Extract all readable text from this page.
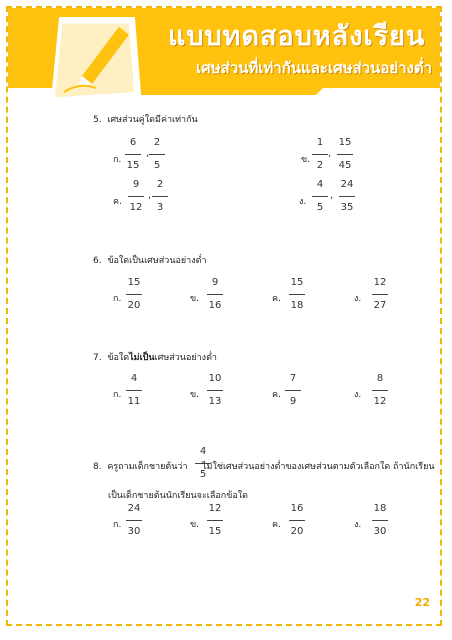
แบบทดสอบหลังเรียน
เศษส่วนที่เท่ากันและเศษส่วนอย่างต่ำ
5. เศษส่วนคู่ใดมีค่าเท่ากัน
ก.
6
15
,
2
5	ข.
1
2
,
15
45
ค.
9
12
,
2
3	ง.
4
5
,
24
35
6. ข้อใดเป็นเศษส่วนอย่างต่ำ
ก.
15
20
ข.
9
16
ค.
15
18
ง.
12
27
7. ข้อใดไม่เป็นเศษส่วนอย่างต่ำ
ก.
4
11
ข.
10
13
ค.
7
9
ง.
8
12
8. ครูถามเด็กชายต้นว่า
4
5
ไม่ใช่เศษส่วนอย่างต่ำของเศษส่วนตามตัวเลือกใด ถ้านักเรียน
เป็นเด็กชายต้นนักเรียนจะเลือกข้อใด
ก.
24
30
ข.
12
15
ค.
16
20
ง.
18
30
22
